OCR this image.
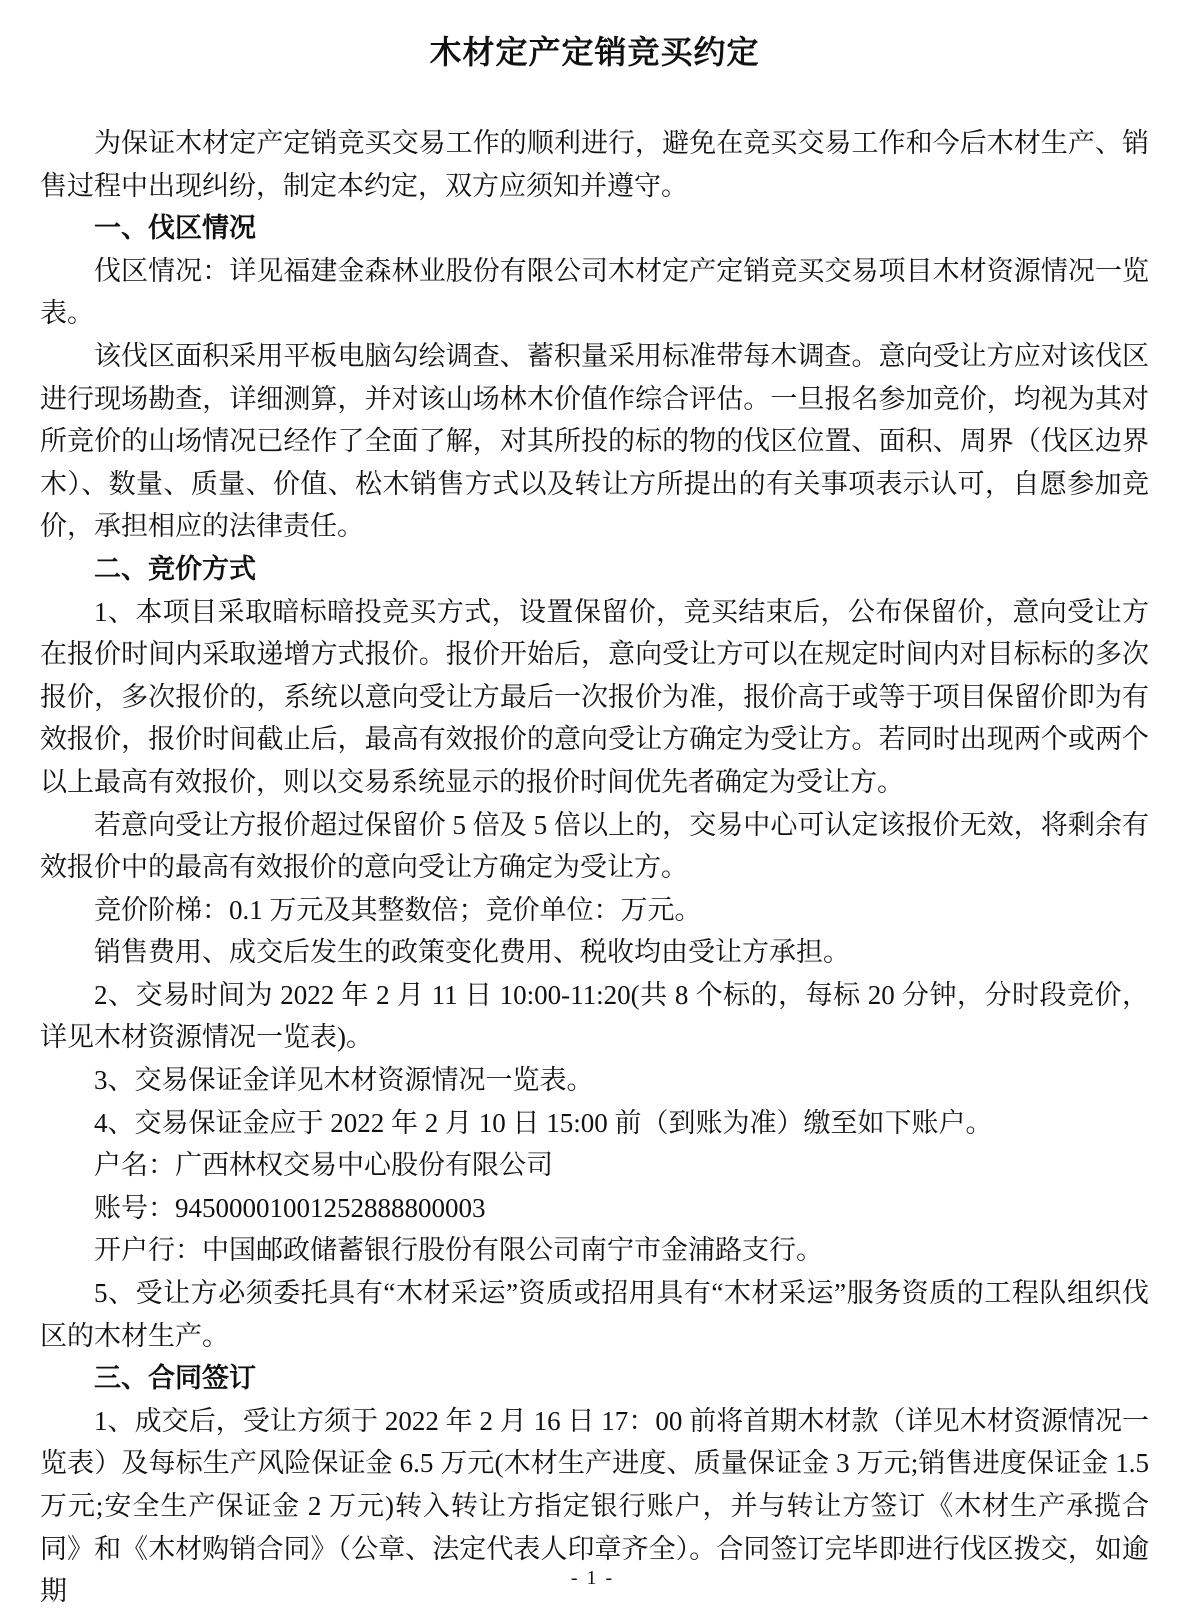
木材定产定销竞买约定

为保证木材定产定销竞买交易工作的顺利进行，避免在竞买交易工作和今后木材生产、销售过程中出现纠纷，制定本约定，双方应须知并遵守。

一、伐区情况

伐区情况：详见福建金森林业股份有限公司木材定产定销竞买交易项目木材资源情况一览表。

该伐区面积采用平板电脑勾绘调查、蓄积量采用标准带每木调查。意向受让方应对该伐区进行现场勘查，详细测算，并对该山场林木价值作综合评估。一旦报名参加竞价，均视为其对所竞价的山场情况已经作了全面了解，对其所投的标的物的伐区位置、面积、周界（伐区边界木）、数量、质量、价值、松木销售方式以及转让方所提出的有关事项表示认可，自愿参加竞价，承担相应的法律责任。

二、竞价方式

1、本项目采取暗标暗投竞买方式，设置保留价，竞买结束后，公布保留价，意向受让方在报价时间内采取递增方式报价。报价开始后，意向受让方可以在规定时间内对目标标的多次报价，多次报价的，系统以意向受让方最后一次报价为准，报价高于或等于项目保留价即为有效报价，报价时间截止后，最高有效报价的意向受让方确定为受让方。若同时出现两个或两个以上最高有效报价，则以交易系统显示的报价时间优先者确定为受让方。

若意向受让方报价超过保留价 5 倍及 5 倍以上的，交易中心可认定该报价无效，将剩余有效报价中的最高有效报价的意向受让方确定为受让方。

竞价阶梯：0.1 万元及其整数倍；竞价单位：万元。

销售费用、成交后发生的政策变化费用、税收均由受让方承担。

2、交易时间为 2022 年 2 月 11 日 10:00-11:20(共 8 个标的，每标 20 分钟，分时段竞价，详见木材资源情况一览表)。

3、交易保证金详见木材资源情况一览表。

4、交易保证金应于 2022 年 2 月 10 日 15:00 前（到账为准）缴至如下账户。

户名：广西林权交易中心股份有限公司

账号：94500001001252888800003

开户行：中国邮政储蓄银行股份有限公司南宁市金浦路支行。

5、受让方必须委托具有“木材采运”资质或招用具有“木材采运”服务资质的工程队组织伐区的木材生产。

三、合同签订

1、成交后，受让方须于 2022 年 2 月 16 日 17：00 前将首期木材款（详见木材资源情况一览表）及每标生产风险保证金 6.5 万元(木材生产进度、质量保证金 3 万元;销售进度保证金 1.5 万元;安全生产保证金 2 万元)转入转让方指定银行账户，并与转让方签订《木材生产承揽合同》和《木材购销合同》（公章、法定代表人印章齐全）。合同签订完毕即进行伐区拨交，如逾期	- 1 -
